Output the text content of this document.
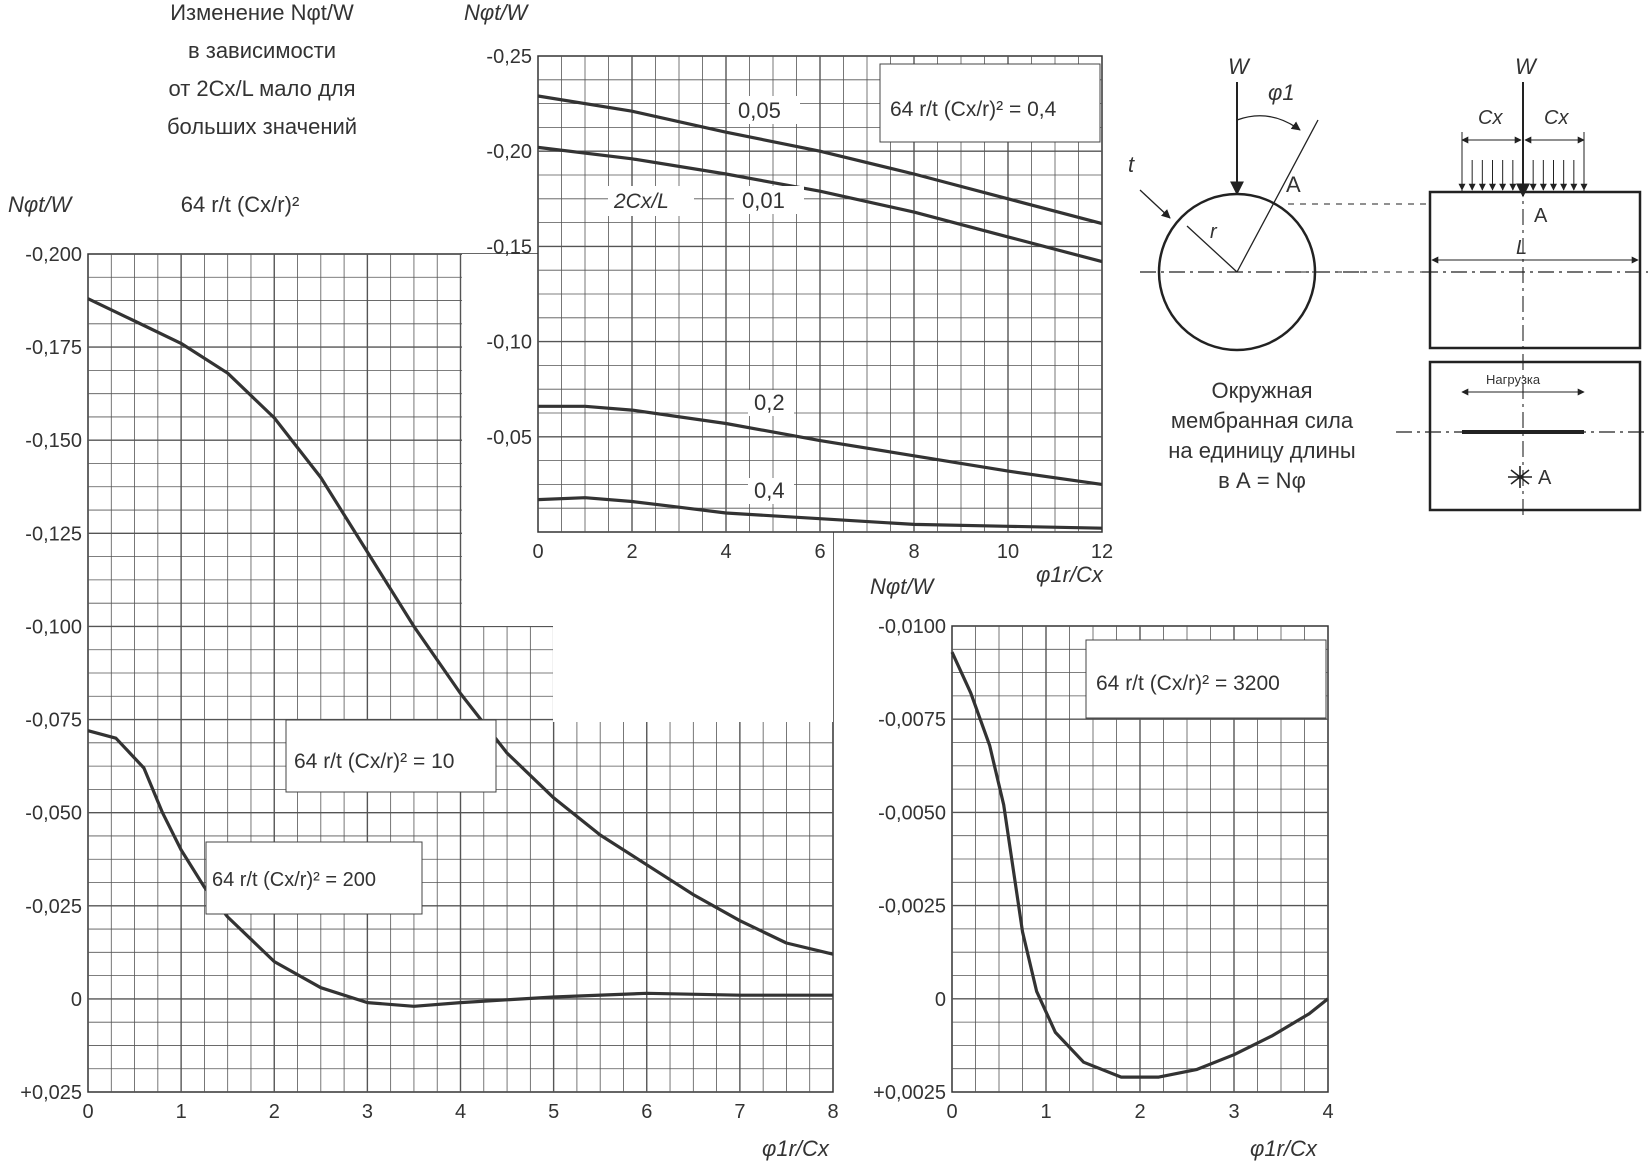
Изменение Nφt/W
в зависимости
от 2Cx/L мало для
больших значений
64 r/t (Cx/r)²
Nφt/W
Nφt/W
Nφt/W
0	1	2	3	4	5	6	7	8
-0,200
-0,175
-0,150
-0,125
-0,100
-0,075
-0,050
-0,025
0
+0,025
0	2	4	6	8	10	12
-0,25
-0,20
-0,15
-0,10
-0,05
0	1	2	3	4
-0,0100
-0,0075
-0,0050
-0,0025
0
+0,0025
φ1r/Cx
φ1r/Cx
φ1r/Cx
64 r/t (Cx/r)² = 0,4
2Cx/L
0,05
0,01
0,2
0,4
64 r/t (Cx/r)² = 3200
64 r/t (Cx/r)² = 10
64 r/t (Cx/r)² = 200
W
φ1
A
t
r
Окружная
мембранная сила
на единицу длины
в А = Nφ
W
Cx Cx
A
L
Нагрузка
A
